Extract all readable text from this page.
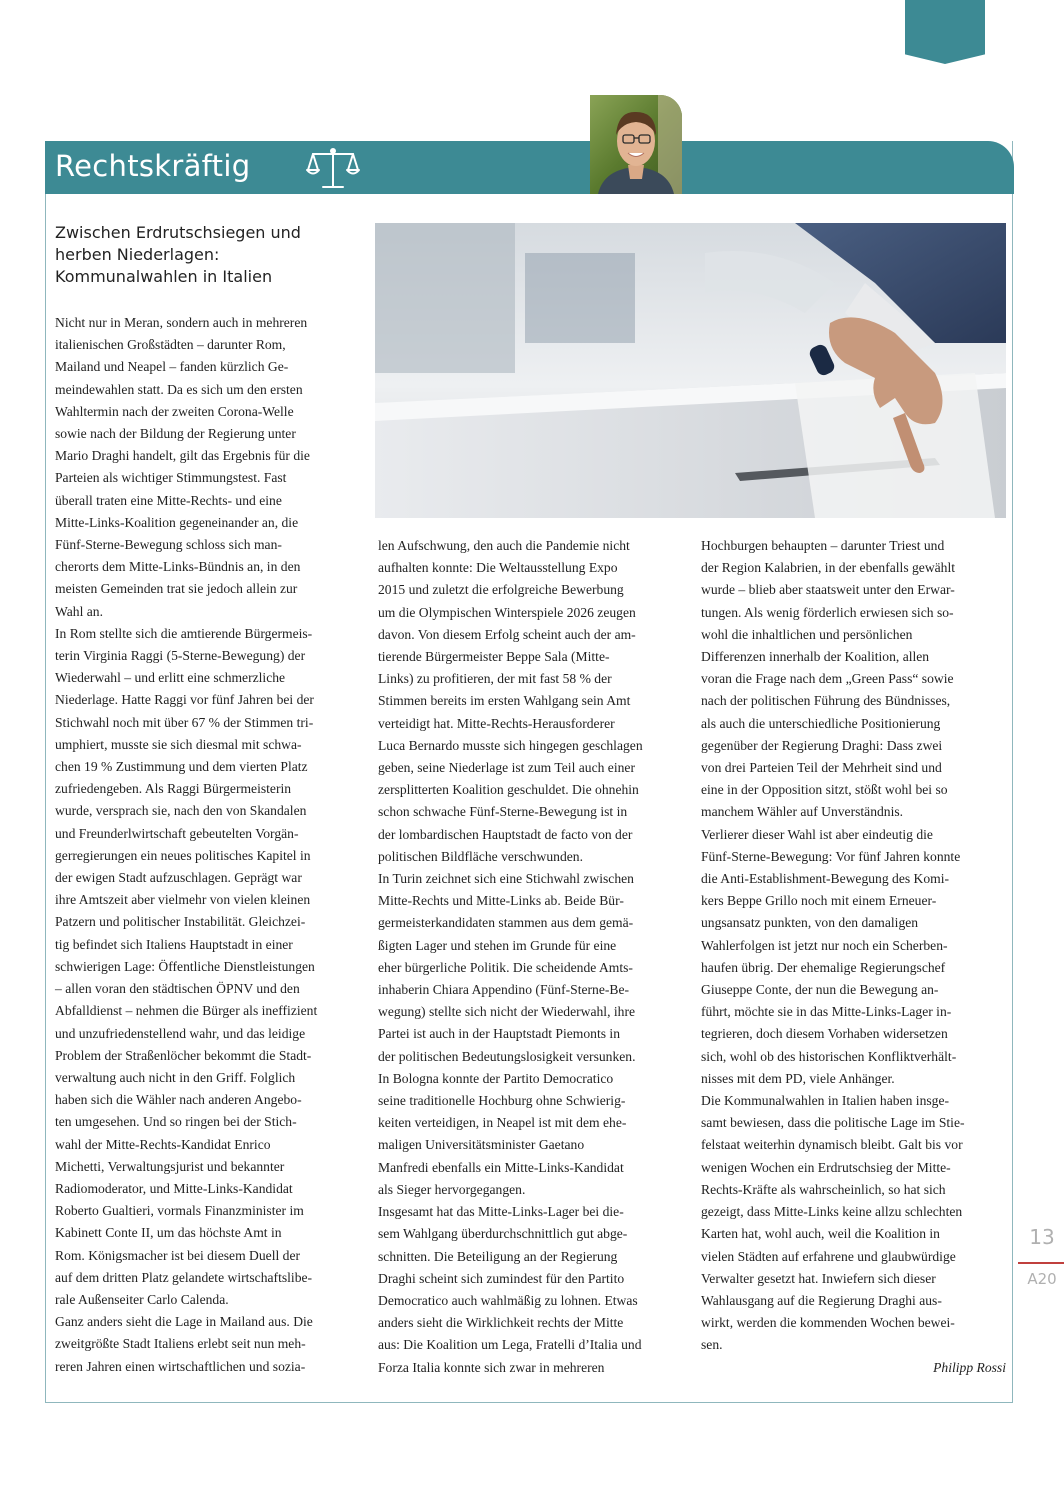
Rechtskräftig
Zwischen Erdrutschsiegen und
herben Niederlagen:
Kommunalwahlen in Italien

Nicht nur in Meran, sondern auch in mehreren
italienischen Großstädten – darunter Rom,
Mailand und Neapel – fanden kürzlich Ge-
meindewahlen statt. Da es sich um den ersten
Wahltermin nach der zweiten Corona-Welle
sowie nach der Bildung der Regierung unter
Mario Draghi handelt, gilt das Ergebnis für die
Parteien als wichtiger Stimmungstest. Fast
überall traten eine Mitte-Rechts- und eine
Mitte-Links-Koalition gegeneinander an, die
Fünf-Sterne-Bewegung schloss sich man-
cherorts dem Mitte-Links-Bündnis an, in den
meisten Gemeinden trat sie jedoch allein zur
Wahl an.

In Rom stellte sich die amtierende Bürgermeis-
terin Virginia Raggi (5-Sterne-Bewegung) der
Wiederwahl – und erlitt eine schmerzliche
Niederlage. Hatte Raggi vor fünf Jahren bei der
Stichwahl noch mit über 67 % der Stimmen tri-
umphiert, musste sie sich diesmal mit schwa-
chen 19 % Zustimmung und dem vierten Platz
zufriedengeben. Als Raggi Bürgermeisterin
wurde, versprach sie, nach den von Skandalen
und Freunderlwirtschaft gebeutelten Vorgän-
gerregierungen ein neues politisches Kapitel in
der ewigen Stadt aufzuschlagen. Geprägt war
ihre Amtszeit aber vielmehr von vielen kleinen
Patzern und politischer Instabilität. Gleichzei-
tig befindet sich Italiens Hauptstadt in einer
schwierigen Lage: Öffentliche Dienstleistungen
– allen voran den städtischen ÖPNV und den
Abfalldienst – nehmen die Bürger als ineffizient
und unzufriedenstellend wahr, und das leidige
Problem der Straßenlöcher bekommt die Stadt-
verwaltung auch nicht in den Griff. Folglich
haben sich die Wähler nach anderen Angebo-
ten umgesehen. Und so ringen bei der Stich-
wahl der Mitte-Rechts-Kandidat Enrico
Michetti, Verwaltungsjurist und bekannter
Radiomoderator, und Mitte-Links-Kandidat
Roberto Gualtieri, vormals Finanzminister im
Kabinett Conte II, um das höchste Amt in
Rom. Königsmacher ist bei diesem Duell der
auf dem dritten Platz gelandete wirtschaftslibe-
rale Außenseiter Carlo Calenda.

Ganz anders sieht die Lage in Mailand aus. Die
zweitgrößte Stadt Italiens erlebt seit nun meh-
reren Jahren einen wirtschaftlichen und sozia-

len Aufschwung, den auch die Pandemie nicht
aufhalten konnte: Die Weltausstellung Expo
2015 und zuletzt die erfolgreiche Bewerbung
um die Olympischen Winterspiele 2026 zeugen
davon. Von diesem Erfolg scheint auch der am-
tierende Bürgermeister Beppe Sala (Mitte-
Links) zu profitieren, der mit fast 58 % der
Stimmen bereits im ersten Wahlgang sein Amt
verteidigt hat. Mitte-Rechts-Herausforderer
Luca Bernardo musste sich hingegen geschlagen
geben, seine Niederlage ist zum Teil auch einer
zersplitterten Koalition geschuldet. Die ohnehin
schon schwache Fünf-Sterne-Bewegung ist in
der lombardischen Hauptstadt de facto von der
politischen Bildfläche verschwunden.

In Turin zeichnet sich eine Stichwahl zwischen
Mitte-Rechts und Mitte-Links ab. Beide Bür-
germeisterkandidaten stammen aus dem gemä-
ßigten Lager und stehen im Grunde für eine
eher bürgerliche Politik. Die scheidende Amts-
inhaberin Chiara Appendino (Fünf-Sterne-Be-
wegung) stellte sich nicht der Wiederwahl, ihre
Partei ist auch in der Hauptstadt Piemonts in
der politischen Bedeutungslosigkeit versunken.

In Bologna konnte der Partito Democratico
seine traditionelle Hochburg ohne Schwierig-
keiten verteidigen, in Neapel ist mit dem ehe-
maligen Universitätsminister Gaetano
Manfredi ebenfalls ein Mitte-Links-Kandidat
als Sieger hervorgegangen.

Insgesamt hat das Mitte-Links-Lager bei die-
sem Wahlgang überdurchschnittlich gut abge-
schnitten. Die Beteiligung an der Regierung
Draghi scheint sich zumindest für den Partito
Democratico auch wahlmäßig zu lohnen. Etwas
anders sieht die Wirklichkeit rechts der Mitte
aus: Die Koalition um Lega, Fratelli d’Italia und
Forza Italia konnte sich zwar in mehreren

Hochburgen behaupten – darunter Triest und
der Region Kalabrien, in der ebenfalls gewählt
wurde – blieb aber staatsweit unter den Erwar-
tungen. Als wenig förderlich erwiesen sich so-
wohl die inhaltlichen und persönlichen
Differenzen innerhalb der Koalition, allen
voran die Frage nach dem „Green Pass“ sowie
nach der politischen Führung des Bündnisses,
als auch die unterschiedliche Positionierung
gegenüber der Regierung Draghi: Dass zwei
von drei Parteien Teil der Mehrheit sind und
eine in der Opposition sitzt, stößt wohl bei so
manchem Wähler auf Unverständnis.

Verlierer dieser Wahl ist aber eindeutig die
Fünf-Sterne-Bewegung: Vor fünf Jahren konnte
die Anti-Establishment-Bewegung des Komi-
kers Beppe Grillo noch mit einem Erneuer-
ungsansatz punkten, von den damaligen
Wahlerfolgen ist jetzt nur noch ein Scherben-
haufen übrig. Der ehemalige Regierungschef
Giuseppe Conte, der nun die Bewegung an-
führt, möchte sie in das Mitte-Links-Lager in-
tegrieren, doch diesem Vorhaben widersetzen
sich, wohl ob des historischen Konfliktverhält-
nisses mit dem PD, viele Anhänger.

Die Kommunalwahlen in Italien haben insge-
samt bewiesen, dass die politische Lage im Stie-
felstaat weiterhin dynamisch bleibt. Galt bis vor
wenigen Wochen ein Erdrutschsieg der Mitte-
Rechts-Kräfte als wahrscheinlich, so hat sich
gezeigt, dass Mitte-Links keine allzu schlechten
Karten hat, wohl auch, weil die Koalition in
vielen Städten auf erfahrene und glaubwürdige
Verwalter gesetzt hat. Inwiefern sich dieser
Wahlausgang auf die Regierung Draghi aus-
wirkt, werden die kommenden Wochen bewei-
sen.

Philipp Rossi

13
A20
